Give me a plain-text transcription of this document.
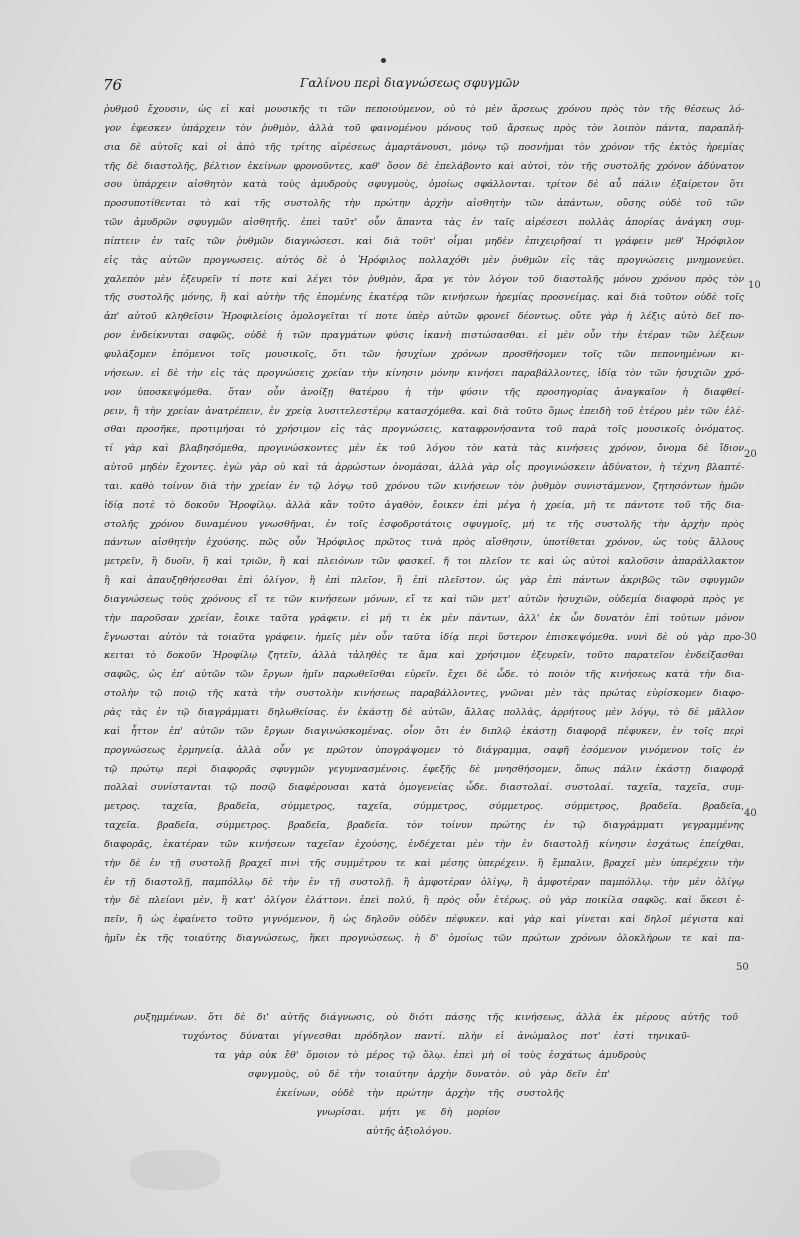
76	Γαλίνου περὶ διαγνώσεως σφυγμῶν
ῥυθμοῦ ἔχουσιν, ὡς εἰ καὶ μουσικῆς τι τῶν πεποιούμενον, οὐ τὸ μὲν ἄρσεως χρόνου πρὸς τὸν τῆς θέσεως λό-
γον ἐφεσκεν ὑπάρχειν τὸν ῥυθμὸν, ἀλλὰ τοῦ φαινομένου μόνους τοῦ ἄρσεως πρὸς τὸν λοιπὸν πάντα, παραπλή-
σια δὲ αὐτοῖς καὶ οἱ ἀπὸ τῆς τρίτης αἱρέσεως ἁμαρτάνουσι, μόνῳ τῷ ποσνήμαι τὸν χρόνον τῆς ἐκτὸς ἠρεμίας
τῆς δὲ διαστολῆς, βέλτιον ἐκείνων φρονοῦντες, καθ' ὅσον δὲ ἐπελάβοντο καὶ αὐτοὶ, τὸν τῆς συστολῆς χρόνον ἀδύνατον
σου ὑπάρχειν αἰσθητὸν κατὰ τοὺς ἀμυδροὺς σφυγμοὺς, ὁμοίως σφάλλονται. τρίτον δὲ αὖ πάλιν ἐξαίρετον ὅτι
προσυποτίθενται τὸ καὶ τῆς συστολῆς τὴν πρώτην ἀρχὴν αἰσθητὴν τῶν ἁπάντων, οὔσης οὐδὲ τοῦ τῶν
τῶν ἀμυδρῶν σφυγμῶν αἰσθητῆς. ἐπεὶ ταῦτ' οὖν ἅπαντα τὰς ἐν ταῖς αἱρέσεσι πολλὰς ἀπορίας ἀνάγκη συμ-
πίπτειν ἐν ταῖς τῶν ῥυθμῶν διαγνώσεσι. καὶ διὰ τοῦτ' οἶμαι μηδὲν ἐπιχειρῆσαί τι γράφειν μεθ' Ἡρόφιλον
εἰς τὰς αὐτῶν προγνωσεις. αὐτὸς δὲ ὁ Ἡρόφιλος πολλαχόθι μὲν ῥυθμῶν εἰς τὰς προγνώσεις μνημονεύει.
χαλεπὸν μὲν ἐξευρεῖν τί ποτε καὶ λέγει τὸν ῥυθμὸν, ἄρα γε τὸν λόγον τοῦ διαστολῆς μόνου χρόνου πρὸς τὸν
τῆς συστολῆς μόνης, ἢ καὶ αὐτὴν τῆς ἐπομένης ἑκατέρᾳ τῶν κινήσεων ἠρεμίας προσνείμας. καὶ διὰ τοῦτον οὐδὲ τοῖς
ἀπ' αὐτοῦ κληθεῖσιν Ἡροφιλείοις ὁμολογεῖται τί ποτε ὑπὲρ αὐτῶν φρονεῖ δέοντως. οὔτε γὰρ ἡ λέξις αὐτὸ δεῖ πο-
ρον ἐνδείκνυται σαφῶς, οὐδὲ ἡ τῶν πραγμάτων φύσις ἱκανὴ πιστώσασθαι. εἰ μὲν οὖν τὴν ἑτέραν τῶν λέξεων
φυλάξομεν ἑπόμενοι τοῖς μουσικοῖς, ὅτι τῶν ἡσυχίων χρόνων προσθήσομεν τοῖς τῶν πεπονημένων κι-
νήσεων. εἰ δὲ τὴν εἰς τὰς προγνώσεις χρείαν τὴν κίνησιν μόνην κινήσει παραβάλλοντες, ἰδίᾳ τὸν τῶν ἡσυχιῶν χρό-
νον ὑποσκεψόμεθα. ὅταν οὖν ἀνοίξῃ θατέρου ἡ τὴν φύσιν τῆς προσηγορίας ἀναγκαῖον ἡ διαφθεί-
ρειν, ἢ τὴν χρείαν ἀνατρέπειν, ἐν χρείᾳ λυσιτελεστέρῳ κατασχόμεθα. καὶ διὰ τοῦτο ὅμως ἐπειδὴ τοῦ ἑτέρου μὲν τῶν ἐλέ-
σθαι προσῆκε, προτιμήσαι τὸ χρήσιμον εἰς τὰς προγνώσεις, καταφρονήσαντα τοῦ παρὰ τοῖς μουσικοῖς ὀνόματος.
τί γὰρ καὶ βλαβησόμεθα, προγινώσκοντες μὲν ἐκ τοῦ λόγου τὸν κατὰ τὰς κινήσεις χρόνον, ὄνομα δὲ ἴδιον
αὐτοῦ μηδὲν ἔχοντες. ἐγὼ γὰρ οὐ καὶ τὰ ἀρρώστων ὀνομάσαι, ἀλλὰ γὰρ οἷς προγινώσκειν ἀδύνατον, ἡ τέχνη βλαπτέ-
ται. καθὸ τοίνυν διὰ τὴν χρείαν ἐν τῷ λόγῳ τοῦ χρόνου τῶν κινήσεων τὸν ῥυθμὸν συνιστάμενον, ζητησόντων ἡμῶν
ἰδίᾳ ποτὲ τὸ δοκοῦν Ἡροφίλῳ. ἀλλὰ κἂν τοῦτο ἀγαθὸν, ἔοικεν ἐπὶ μέγα ἡ χρεία, μὴ τε πάντοτε τοῦ τῆς δια-
στολῆς χρόνου δυναμένου γνωσθῆναι, ἐν τοῖς ἐσφοδροτάτοις σφυγμοῖς, μή τε τῆς συστολῆς τὴν ἀρχὴν πρὸς
πάντων αἰσθητὴν ἐχούσης. πῶς οὖν Ἡρόφιλος πρῶτος τινὰ πρὸς αἴσθησιν, ὑποτίθεται χρόνον, ὡς τοὺς ἄλλους
μετρεῖν, ἢ δυοῖν, ἢ καὶ τριῶν, ἢ καὶ πλειόνων τῶν φασκεῖ. ἤ τοι πλεῖον τε καὶ ὡς αὐτοὶ καλοῦσιν ἀπαράλλακτον
ἢ καὶ ἀπαυξηθήσεσθαι ἐπὶ ὀλίγον, ἢ ἐπὶ πλεῖον, ἢ ἐπὶ πλεῖστον. ὡς γὰρ ἐπὶ πάντων ἀκριβῶς τῶν σφυγμῶν
διαγνώσεως τοὺς χρόνους εἴ τε τῶν κινήσεων μόνων, εἴ τε καὶ τῶν μετ' αὐτῶν ἡσυχιῶν, οὐδεμία διαφορὰ πρὸς γε
τὴν παροῦσαν χρείαν, ἔοικε ταῦτα γράφειν. εἰ μή τι ἐκ μὲν πάντων, ἀλλ' ἐκ ὧν δυνατὸν ἐπὶ τούτων μόνον
ἔγνωσται αὐτὸν τὰ τοιαῦτα γράφειν. ἡμεῖς μὲν οὖν ταῦτα ἰδίᾳ περὶ ὕστερον ἐπισκεψόμεθα. νυνὶ δὲ οὐ γὰρ προ-
κειται τὸ δοκοῦν Ἡροφίλῳ ζητεῖν, ἀλλὰ τἀληθὲς τε ἅμα καὶ χρήσιμον ἐξευρεῖν, τοῦτο παρατεῖον ἐνδείξασθαι
σαφῶς, ὡς ἐπ' αὐτῶν τῶν ἔργων ἡμῖν παρωθεῖσθαι εὑρεῖν. ἔχει δὲ ὧδε. τὸ ποιὸν τῆς κινήσεως κατὰ τὴν δια-
στολὴν τῷ ποιῷ τῆς κατὰ τὴν συστολὴν κινήσεως παραβάλλοντες, γνῶναι μὲν τὰς πρώτας εὑρίσκομεν διαφο-
ρὰς τὰς ἐν τῷ διαγράμματι δηλωθείσας. ἐν ἑκάστῃ δὲ αὐτῶν, ἄλλας πολλὰς, ἀρρήτους μὲν λόγῳ, τὸ δὲ μᾶλλον
καὶ ἧττον ἐπ' αὐτῶν τῶν ἔργων διαγινώσκομένας. οἷον ὅτι ἐν διπλῷ ἑκάστῃ διαφορᾷ πέφυκεν, ἐν τοῖς περὶ
προγνώσεως ἑρμηνείᾳ. ἀλλὰ οὖν γε πρῶτον ὑπογράψομεν τὸ διάγραμμα, σαφῆ ἐσόμενον γινόμενον τοῖς ἐν
τῷ πρώτῳ περὶ διαφορᾶς σφυγμῶν γεγυμνασμένοις. ἐφεξῆς δὲ μνησθήσομεν, ὅπως πάλιν ἑκάστῃ διαφορᾷ
πολλαὶ συνίστανται τῷ ποσῷ διαφέρουσαι κατὰ ὁμογενείας ὧδε. διαστολαί. συστολαί. ταχεῖα, ταχεῖα, συμ-
μετρος. ταχεῖα, βραδεῖα, σύμμετρος, ταχεῖα, σύμμετρος, σύμμετρος. σύμμετρος, βραδεῖα. βραδεῖα,
ταχεῖα. βραδεῖα, σύμμετρος. βραδεῖα, βραδεῖα. τὸν τοίνυν πρώτης ἐν τῷ διαγράμματι γεγραμμένης
διαφορᾶς, ἑκατέραν τῶν κινήσεων ταχεῖαν ἐχούσης, ἐνδέχεται μὲν τὴν ἐν διαστολῇ κίνησιν ἐσχάτως ἐπείχθαι,
τὴν δὲ ἐν τῇ συστολῇ βραχεῖ πινὶ τῆς συμμέτρου τε καὶ μέσης ὑπερέχειν. ἢ ἔμπαλιν, βραχεῖ μὲν ὑπερέχειν τὴν
ἐν τῇ διαστολῇ, παμπόλλῳ δὲ τὴν ἐν τῇ συστολῇ. ἢ ἀμφοτέραν ὀλίγῳ, ἢ ἀμφοτέραν παμπόλλῳ. τὴν μὲν ὀλίγῳ
τὴν δὲ πλείονι μὲν, ἢ κατ' ὀλίγον ἐλάττονι. ἐπεὶ πολύ, ἢ πρὸς οὖν ἑτέρως. οὐ γὰρ ποικίλα σαφῶς. καὶ ὅκεσι ἐ-
πεῖν, ἢ ὡς ἐφαίνετο τοῦτο γιγνόμενον, ἢ ὡς δηλοῦν οὐδὲν πέφυκεν. καὶ γὰρ καὶ γίνεται καὶ δηλοῖ μέγιστα καὶ
ἡμῖν ἐκ τῆς τοιαύτης διαγνώσεως, ἥκει προγνώσεως. ἡ δ' ὁμοίως τῶν πρώτων χρόνων ὁλοκλήρων τε καὶ πα-
ρυξημμένων. ὅτι δὲ δι' αὐτῆς διάγνωσις, οὐ διότι πάσης τῆς κινήσεως, ἀλλὰ ἐκ μέρους αὐτῆς τοῦ
τυχόντος δύναται γίγνεσθαι πρόδηλον παντί. πλὴν εἰ ἀνώμαλος ποτ' ἐστὶ τηνικαῦ-
τα γὰρ οὐκ ἔθ' ὅμοιον τὸ μέρος τῷ ὅλῳ. ἐπεὶ μὴ οἱ τοὺς ἐσχάτως ἀμυδροὺς
σφυγμοὺς, οὐ δὲ τὴν τοιαύτην ἀρχὴν δυνατὸν. οὐ γὰρ δεῖν ἐπ'
ἐκείνων, οὐδὲ τὴν πρώτην ἀρχὴν τῆς συστολῆς
γνωρίσαι. μήτι γε δὴ μορίον
αὐτῆς ἀξιολόγου.
10
20
30
40
50
